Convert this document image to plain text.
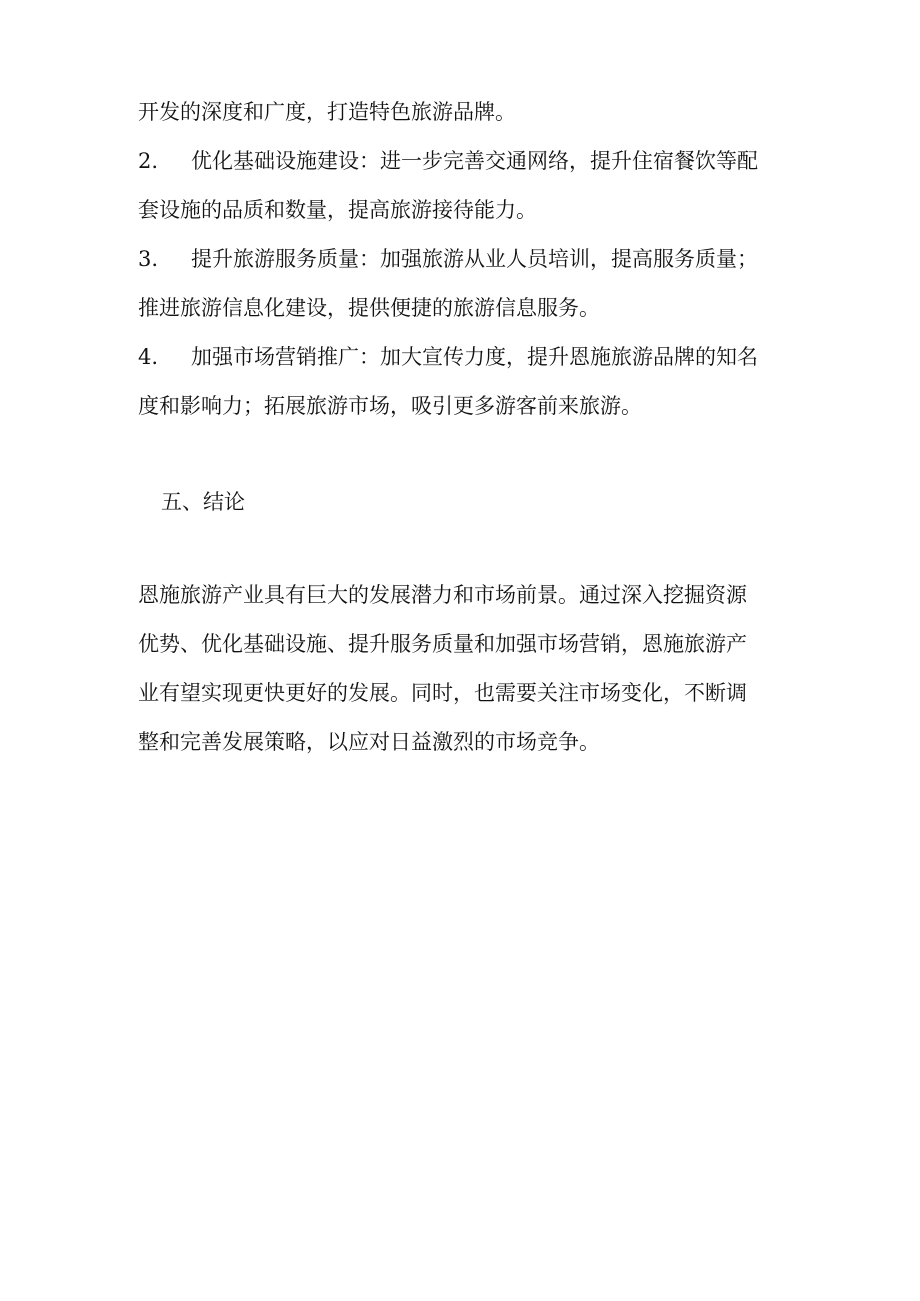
开发的深度和广度，打造特色旅游品牌。
2. 优化基础设施建设：进一步完善交通网络，提升住宿餐饮等配
套设施的品质和数量，提高旅游接待能力。
3. 提升旅游服务质量：加强旅游从业人员培训，提高服务质量；
推进旅游信息化建设，提供便捷的旅游信息服务。
4. 加强市场营销推广：加大宣传力度，提升恩施旅游品牌的知名
度和影响力；拓展旅游市场，吸引更多游客前来旅游。
五、结论
恩施旅游产业具有巨大的发展潜力和市场前景。通过深入挖掘资源
优势、优化基础设施、提升服务质量和加强市场营销，恩施旅游产
业有望实现更快更好的发展。同时，也需要关注市场变化，不断调
整和完善发展策略，以应对日益激烈的市场竞争。
